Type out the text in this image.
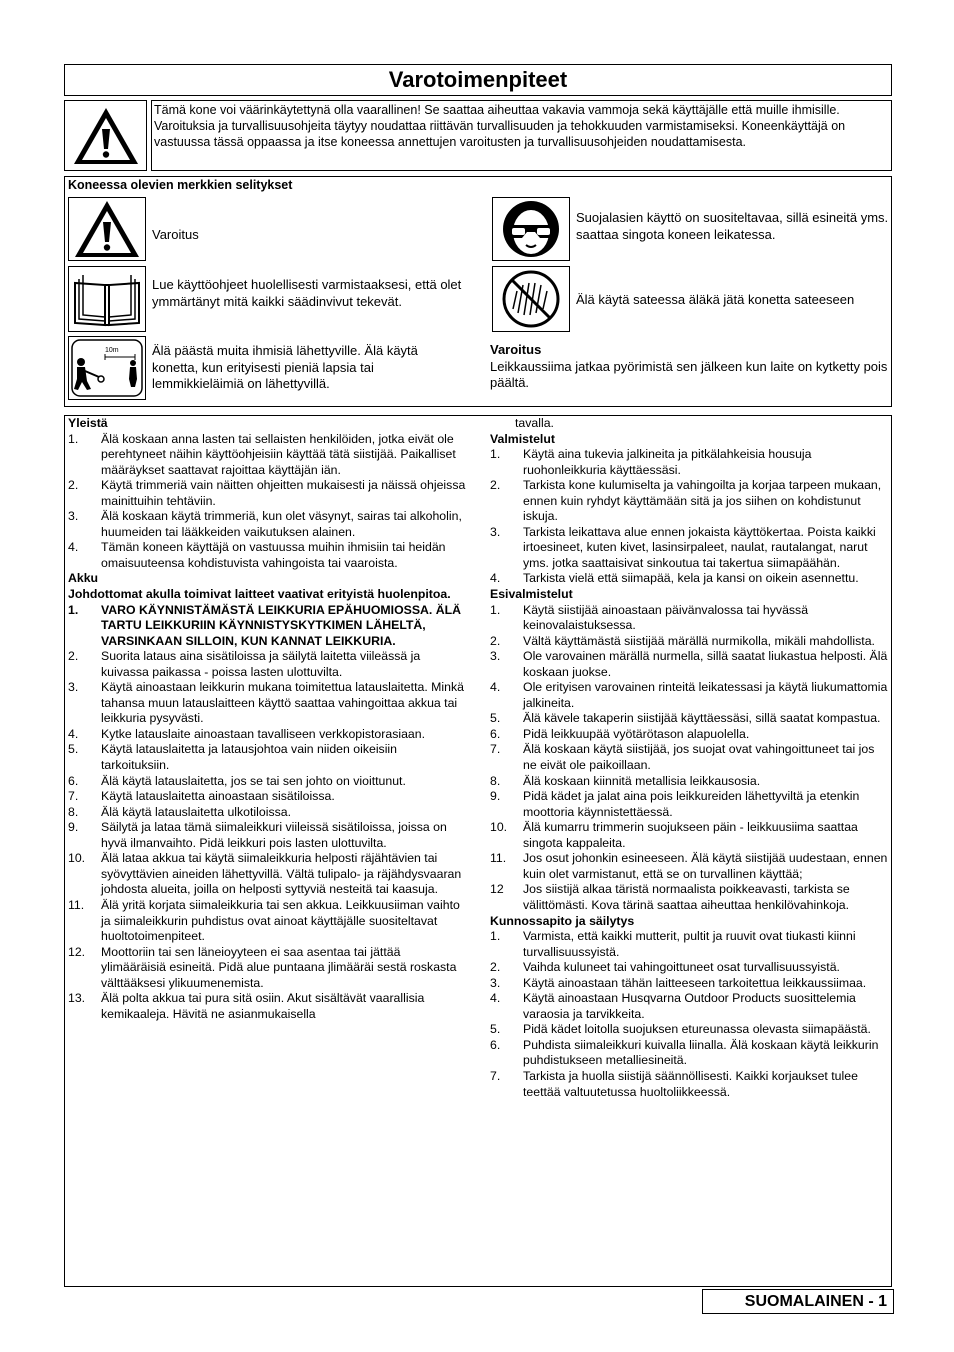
Varotoimenpiteet

Tämä kone voi väärinkäytettynä olla vaarallinen! Se saattaa aiheuttaa vakavia vammoja sekä käyttäjälle että muille ihmisille. Varoituksia ja turvallisuusohjeita täytyy noudattaa riittävän turvallisuuden ja tehokkuuden varmistamiseksi. Koneenkäyttäjä on vastuussa tässä oppaassa ja itse koneessa annettujen varoitusten ja turvallisuusohjeiden noudattamisesta.

Koneessa olevien merkkien selitykset

Varoitus

Lue käyttöohjeet huolellisesti varmistaaksesi, että olet ymmärtänyt mitä kaikki säädinvivut tekevät.

10m	Älä päästä muita ihmisiä lähettyville. Älä käytä konetta, kun erityisesti pieniä lapsia tai lemmikkieläimiä on lähettyvillä.

Suojalasien käyttö on suositeltavaa, sillä esineitä yms. saattaa singota koneen leikatessa.

Älä käytä sateessa äläkä jätä konetta sateeseen

Varoitus
Leikkaussiima jatkaa pyörimistä sen jälkeen kun laite on kytketty pois päältä.

Yleistä

1. Älä koskaan anna lasten tai sellaisten henkilöiden, jotka eivät ole perehtyneet näihin käyttöohjeisiin käyttää tätä siistijää. Paikalliset määräykset saattavat rajoittaa käyttäjän iän.
2. Käytä trimmeriä vain näitten ohjeitten mukaisesti ja näissä ohjeissa mainittuihin tehtäviin.
3. Älä koskaan käytä trimmeriä, kun olet väsynyt, sairas tai alkoholin, huumeiden tai lääkkeiden vaikutuksen alainen.
4. Tämän koneen käyttäjä on vastuussa muihin ihmisiin tai heidän omaisuuteensa kohdistuvista vahingoista tai vaaroista.

Akku

Johdottomat akulla toimivat laitteet vaativat erityistä huolenpitoa.

1. VARO KÄYNNISTÄMÄSTÄ LEIKKURIA EPÄHUOMIOSSA. ÄLÄ TARTU LEIKKURIIN KÄYNNISTYSKYTKIMEN LÄHELTÄ, VARSINKAAN SILLOIN, KUN KANNAT LEIKKURIA.
2. Suorita lataus aina sisätiloissa ja säilytä laitetta viileässä ja kuivassa paikassa - poissa lasten ulottuvilta.
3. Käytä ainoastaan leikkurin mukana toimitettua latauslaitetta. Minkä tahansa muun latauslaitteen käyttö saattaa vahingoittaa akkua tai leikkuria pysyvästi.
4. Kytke latauslaite ainoastaan tavalliseen verkkopistorasiaan.
5. Käytä latauslaitetta ja latausjohtoa vain niiden oikeisiin tarkoituksiin.
6. Älä käytä latauslaitetta, jos se tai sen johto on vioittunut.
7. Käytä latauslaitetta ainoastaan sisätiloissa.
8. Älä käytä latauslaitetta ulkotiloissa.
9. Säilytä ja lataa tämä siimaleikkuri viileissä sisätiloissa, joissa on hyvä ilmanvaihto. Pidä leikkuri pois lasten ulottuvilta.
10. Älä lataa akkua tai käytä siimaleikkuria helposti räjähtävien tai syövyttävien aineiden lähettyvillä. Vältä tulipalo- ja räjähdysvaaran johdosta alueita, joilla on helposti syttyviä nesteitä tai kaasuja.
11. Älä yritä korjata siimaleikkuria tai sen akkua. Leikkuusiiman vaihto ja siimaleikkurin puhdistus ovat ainoat käyttäjälle suositeltavat huoltotoimenpiteet.
12. Moottoriin tai sen läneioyyteen ei saa asentaa tai jättää ylimääräisiä esineitä. Pidä alue puntaana jlimääräi sestä roskasta välttääksesi ylikuumenemista.
13. Älä polta akkua tai pura sitä osiin. Akut sisältävät vaarallisia kemikaaleja. Hävitä ne asianmukaisella

tavalla.

Valmistelut

1. Käytä aina tukevia jalkineita ja pitkälahkeisia housuja ruohonleikkuria käyttäessäsi.
2. Tarkista kone kulumiselta ja vahingoilta ja korjaa tarpeen mukaan, ennen kuin ryhdyt käyttämään sitä ja jos siihen on kohdistunut iskuja.
3. Tarkista leikattava alue ennen jokaista käyttökertaa. Poista kaikki irtoesineet, kuten kivet, lasinsirpaleet, naulat, rautalangat, narut yms. jotka saattaisivat sinkoutua tai takertua siimapäähän.
4. Tarkista vielä että siimapää, kela ja kansi on oikein asennettu.

Esivalmistelut

1. Käytä siistijää ainoastaan päivänvalossa tai hyvässä keinovalaistuksessa.
2. Vältä käyttämästä siistijää märällä nurmikolla, mikäli mahdollista.
3. Ole varovainen märällä nurmella, sillä saatat liukastua helposti. Älä koskaan juokse.
4. Ole erityisen varovainen rinteitä leikatessasi ja käytä liukumattomia jalkineita.
5. Älä kävele takaperin siistijää käyttäessäsi, sillä saatat kompastua.
6. Pidä leikkuupää vyötärötason alapuolella.
7. Älä koskaan käytä siistijää, jos suojat ovat vahingoittuneet tai jos ne eivät ole paikoillaan.
8. Älä koskaan kiinnitä metallisia leikkausosia.
9. Pidä kädet ja jalat aina pois leikkureiden lähettyviltä ja etenkin moottoria käynnistettäessä.
10. Älä kumarru trimmerin suojukseen päin - leikkuusiima saattaa singota kappaleita.
11. Jos osut johonkin esineeseen. Älä käytä siistijää uudestaan, ennen kuin olet varmistanut, että se on turvallinen käyttää;
12 Jos siistijä alkaa täristä normaalista poikkeavasti, tarkista se välittömästi. Kova tärinä saattaa aiheuttaa henkilövahinkoja.

Kunnossapito ja säilytys

1. Varmista, että kaikki mutterit, pultit ja ruuvit ovat tiukasti kiinni turvallisuussyistä.
2. Vaihda kuluneet tai vahingoittuneet osat turvallisuussyistä.
3. Käytä ainoastaan tähän laitteeseen tarkoitettua leikkaussiimaa.
4. Käytä ainoastaan Husqvarna Outdoor Products suosittelemia varaosia ja tarvikkeita.
5. Pidä kädet loitolla suojuksen etureunassa olevasta siimapäästä.
6. Puhdista siimaleikkuri kuivalla liinalla. Älä koskaan käytä leikkurin puhdistukseen metalliesineitä.
7. Tarkista ja huolla siistijä säännöllisesti. Kaikki korjaukset tulee teettää valtuutetussa huoltoliikkeessä.

SUOMALAINEN - 1
